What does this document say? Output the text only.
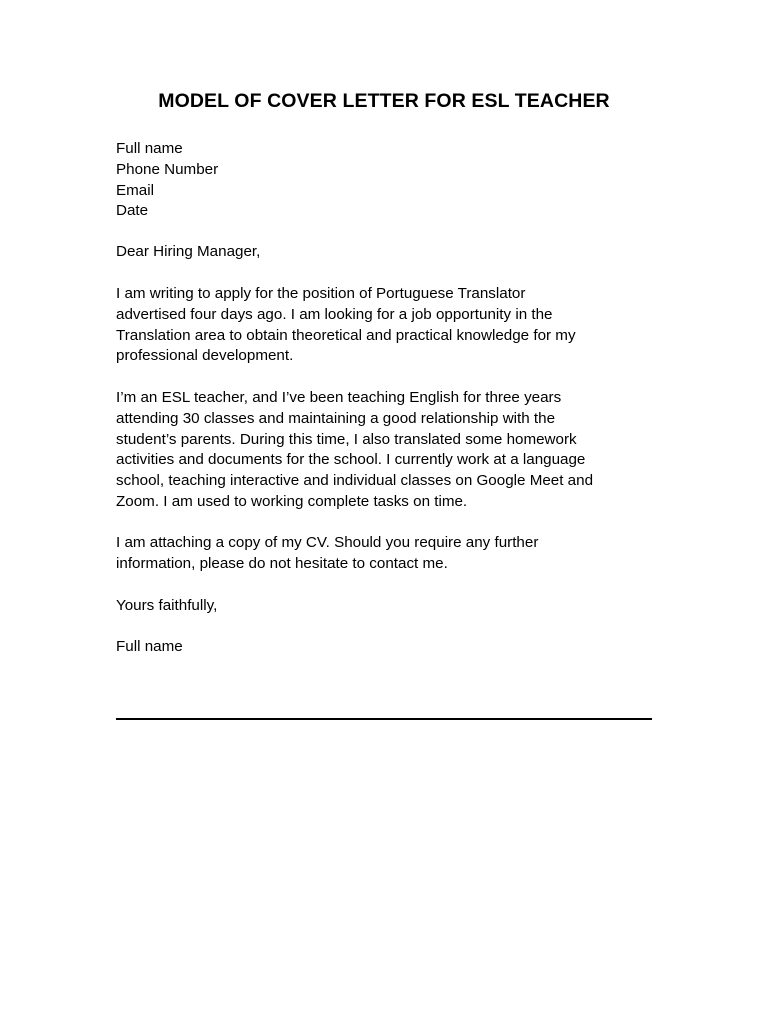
MODEL OF COVER LETTER FOR ESL TEACHER
Full name
Phone Number
Email
Date
Dear Hiring Manager,
I am writing to apply for the position of Portuguese Translator
advertised four days ago. I am looking for a job opportunity in the
Translation area to obtain theoretical and practical knowledge for my
professional development.
I’m an ESL teacher, and I’ve been teaching English for three years
attending 30 classes and maintaining a good relationship with the
student’s parents. During this time, I also translated some homework
activities and documents for the school. I currently work at a language
school, teaching interactive and individual classes on Google Meet and
Zoom. I am used to working complete tasks on time.
I am attaching a copy of my CV. Should you require any further
information, please do not hesitate to contact me.
Yours faithfully,
Full name
